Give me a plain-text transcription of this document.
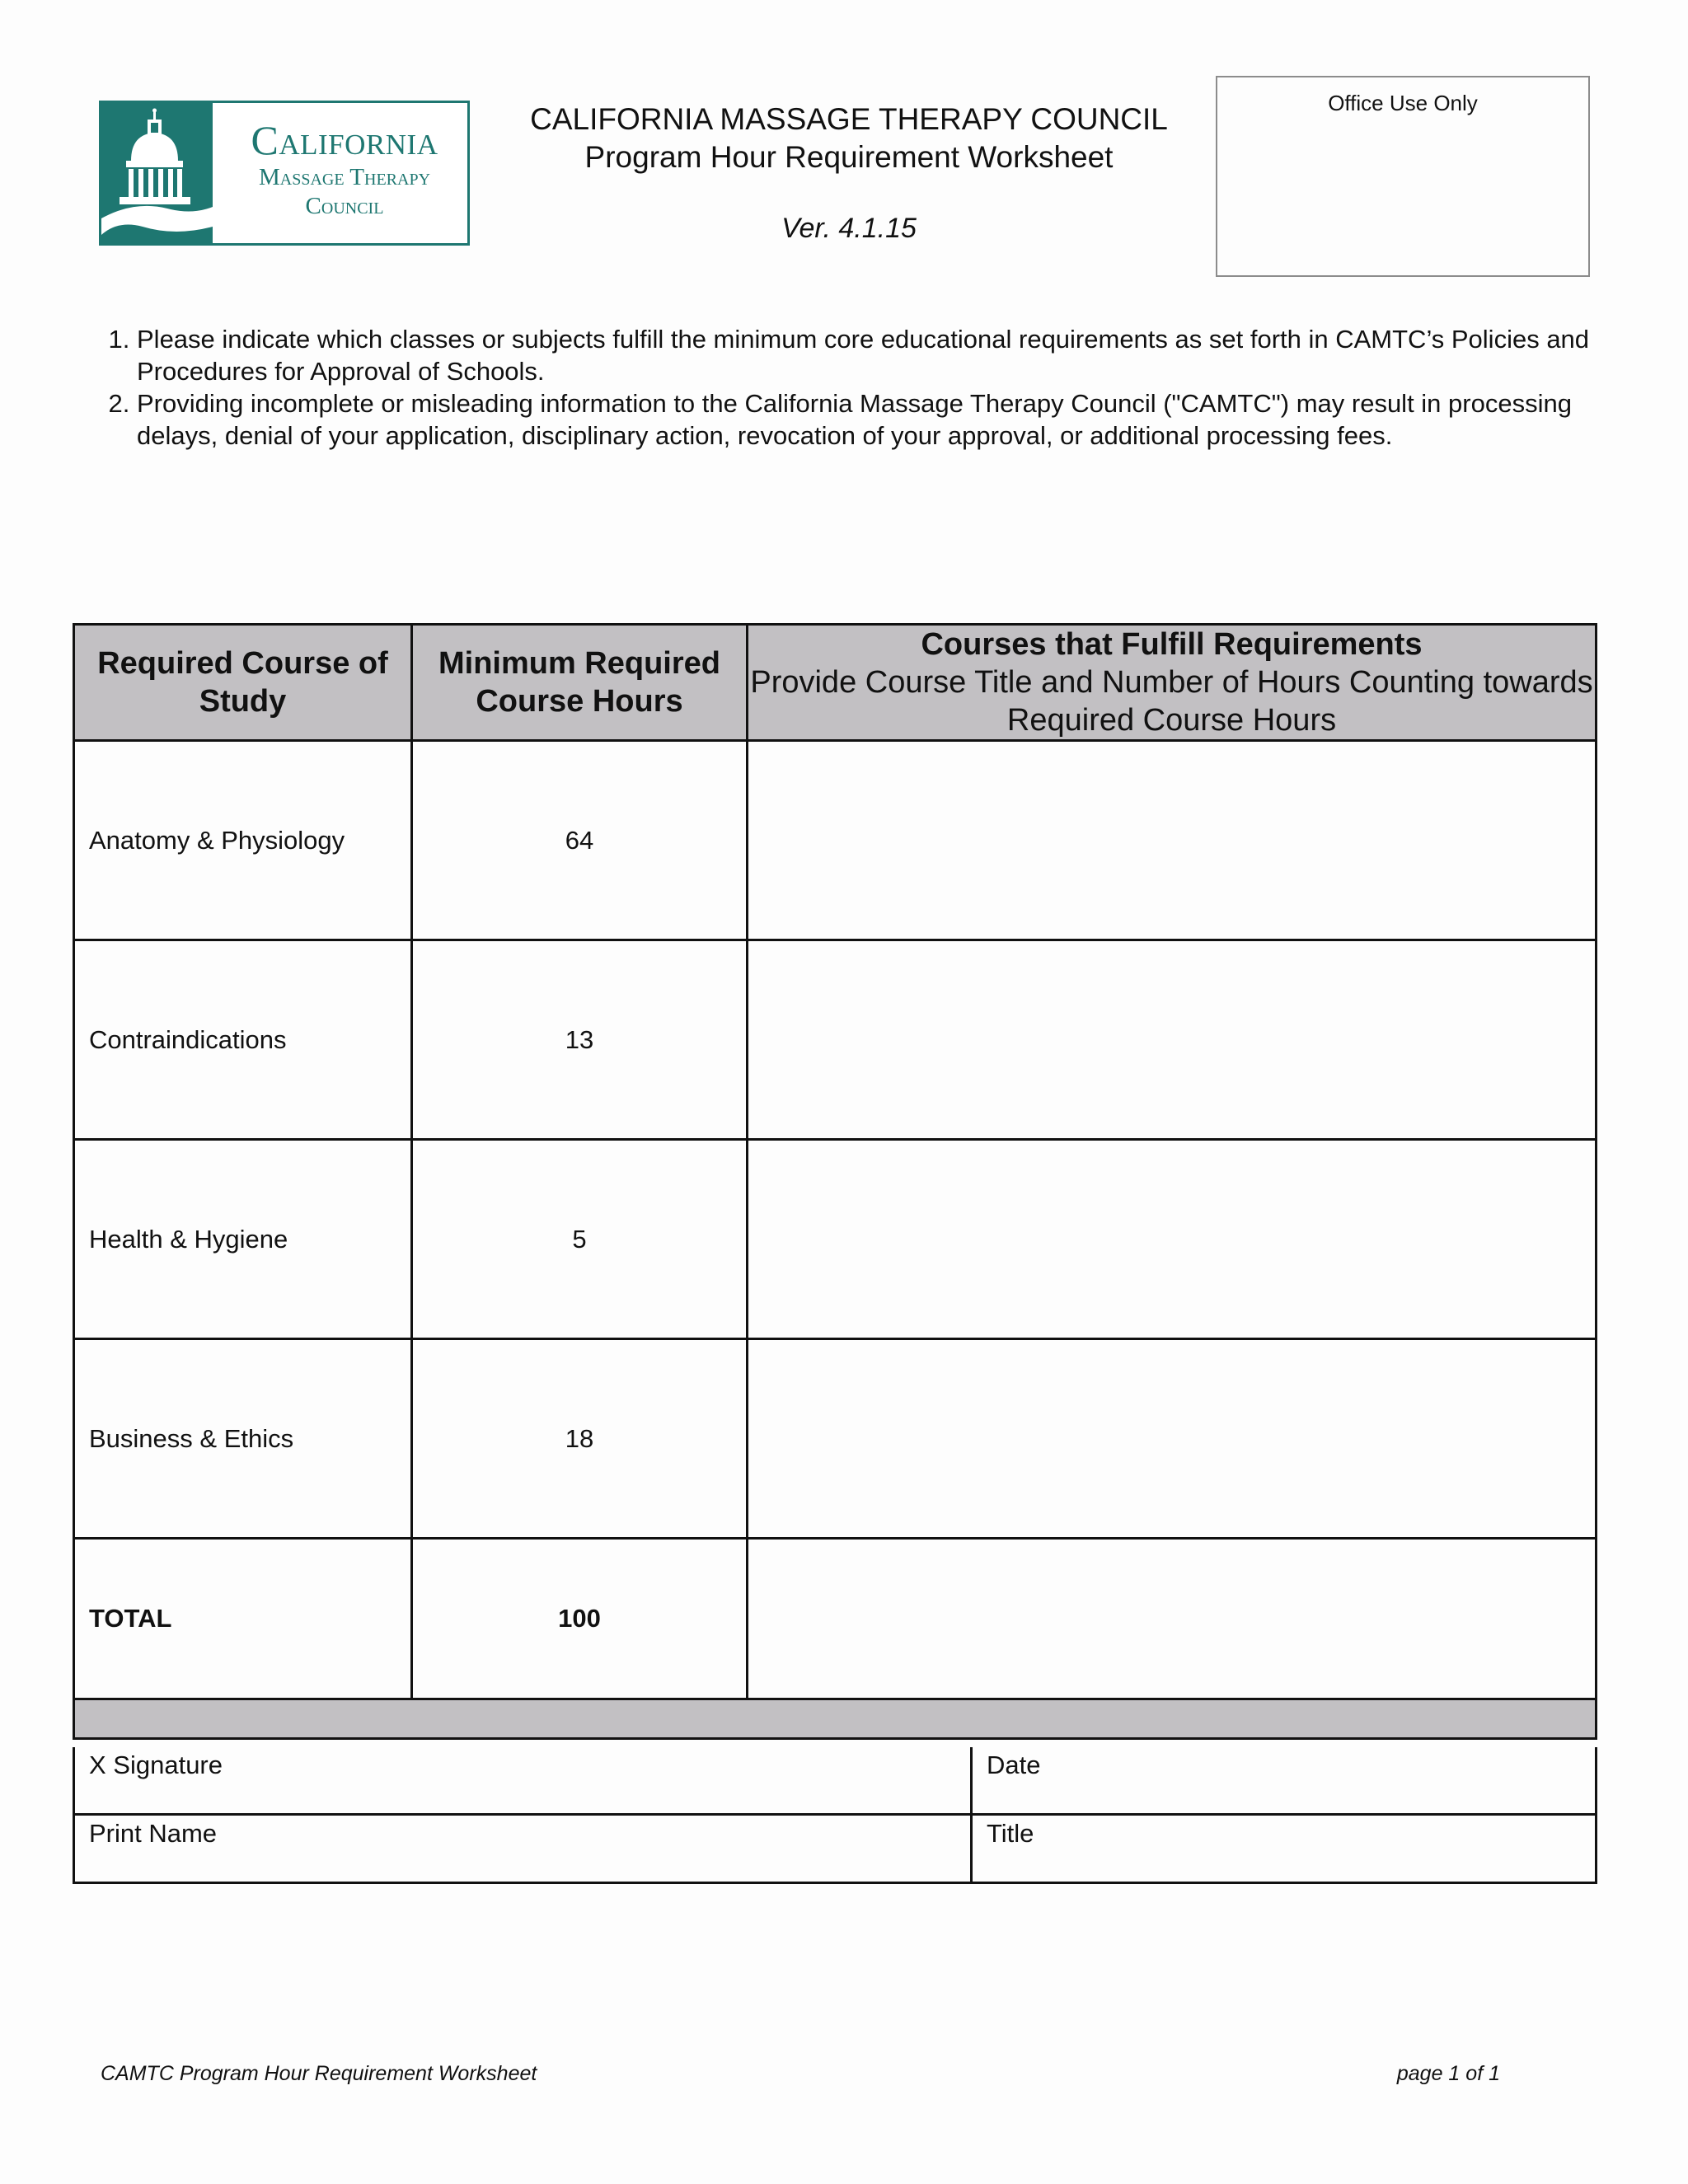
California
Massage Therapy
Council
CALIFORNIA MASSAGE THERAPY COUNCIL
Program Hour Requirement Worksheet
Ver. 4.1.15
Office Use Only
1. Please indicate which classes or subjects fulfill the minimum core educational requirements as set forth in CAMTC’s Policies and Procedures for Approval of Schools.
2. Providing incomplete or misleading information to the California Massage Therapy Council ("CAMTC") may result in processing delays, denial of your application, disciplinary action, revocation of your approval, or additional processing fees.
Required Course of Study	Minimum Required Course Hours	Courses that Fulfill Requirements
Provide Course Title and Number of Hours Counting towards Required Course Hours

Anatomy & Physiology	64	
Contraindications	13	
Health & Hygiene	5	
Business & Ethics	18	
TOTAL	100	

X Signature	Date
Print Name	Title
CAMTC Program Hour Requirement Worksheet	page 1 of 1
